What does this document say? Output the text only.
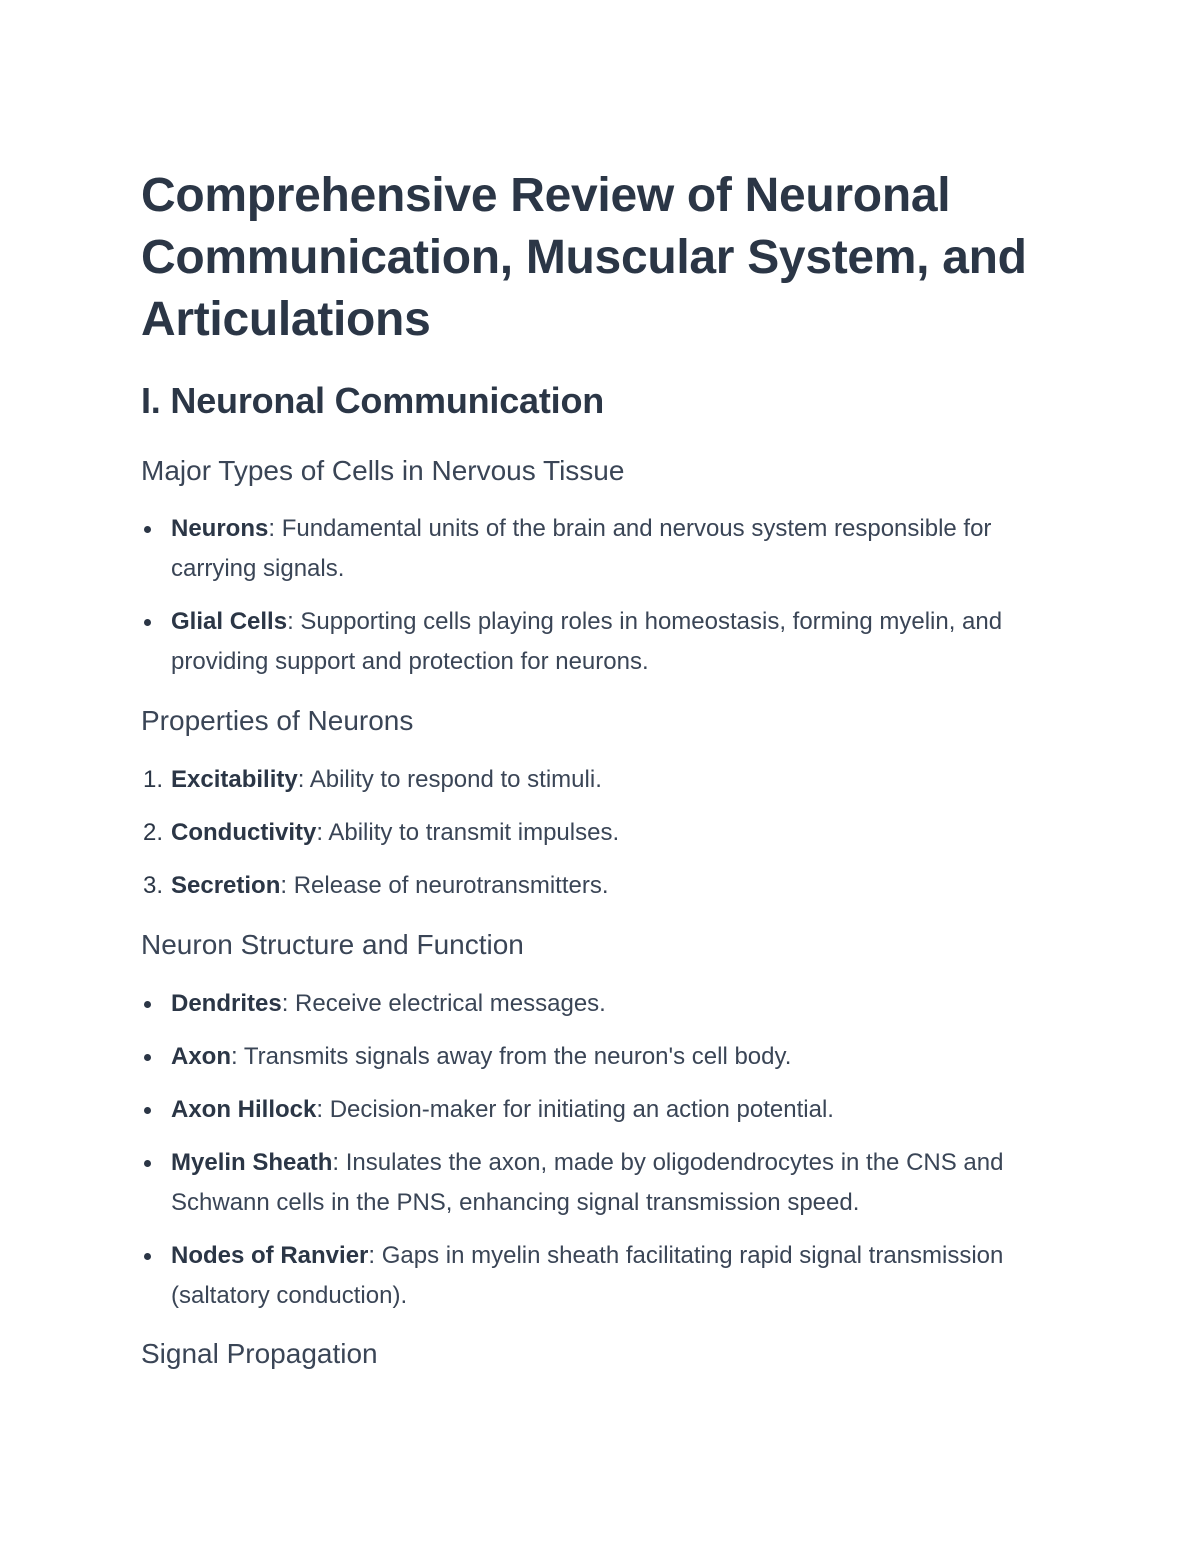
Comprehensive Review of Neuronal Communication, Muscular System, and Articulations
I. Neuronal Communication
Major Types of Cells in Nervous Tissue
Neurons: Fundamental units of the brain and nervous system responsible for carrying signals.
Glial Cells: Supporting cells playing roles in homeostasis, forming myelin, and providing support and protection for neurons.
Properties of Neurons
1. Excitability: Ability to respond to stimuli.
2. Conductivity: Ability to transmit impulses.
3. Secretion: Release of neurotransmitters.
Neuron Structure and Function
Dendrites: Receive electrical messages.
Axon: Transmits signals away from the neuron's cell body.
Axon Hillock: Decision-maker for initiating an action potential.
Myelin Sheath: Insulates the axon, made by oligodendrocytes in the CNS and Schwann cells in the PNS, enhancing signal transmission speed.
Nodes of Ranvier: Gaps in myelin sheath facilitating rapid signal transmission (saltatory conduction).
Signal Propagation
